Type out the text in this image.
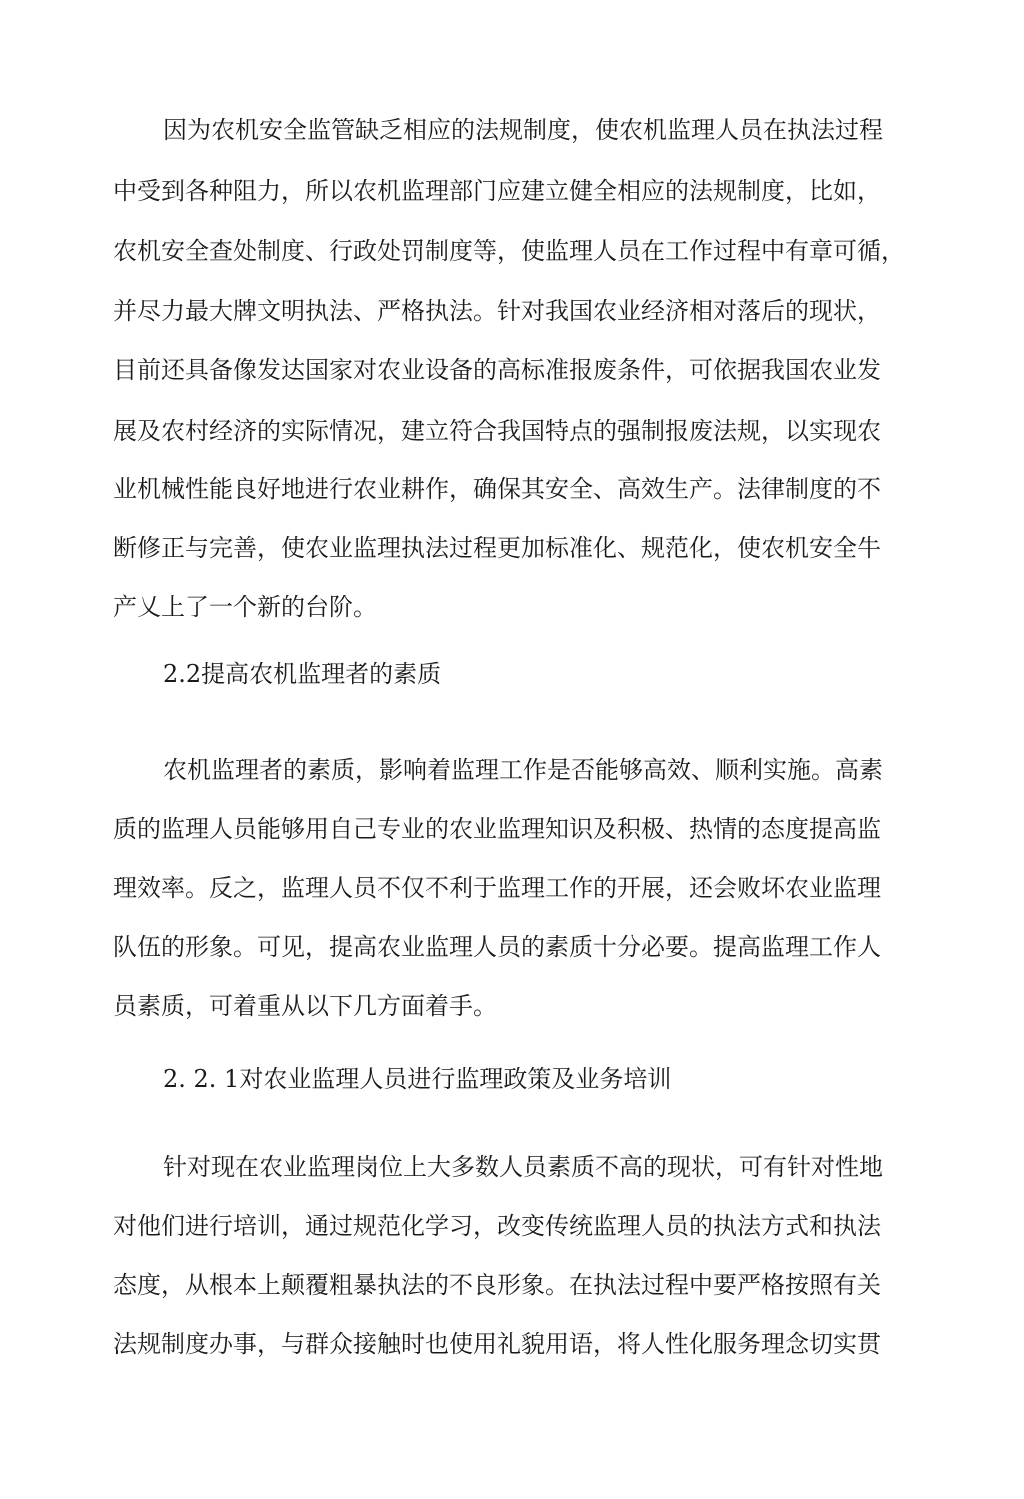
因为农机安全监管缺乏相应的法规制度，使农机监理人员在执法过程
中受到各种阻力，所以农机监理部门应建立健全相应的法规制度，比如，
农机安全查处制度、行政处罚制度等，使监理人员在工作过程中有章可循，
并尽力最大牌文明执法、严格执法。针对我国农业经济相对落后的现状，
目前还具备像发达国家对农业设备的高标准报废条件，可依据我国农业发
展及农村经济的实际情况，建立符合我国特点的强制报废法规，以实现农
业机械性能良好地进行农业耕作，确保其安全、高效生产。法律制度的不
断修正与完善，使农业监理执法过程更加标准化、规范化，使农机安全牛
产乂上了一个新的台阶。
2.2提高农机监理者的素质
农机监理者的素质，影响着监理工作是否能够高效、顺利实施。高素
质的监理人员能够用自己专业的农业监理知识及积极、热情的态度提高监
理效率。反之，监理人员不仅不利于监理工作的开展，还会败坏农业监理
队伍的形象。可见，提高农业监理人员的素质十分必要。提高监理工作人
员素质，可着重从以下几方面着手。
2. 2. 1对农业监理人员进行监理政策及业务培训
针对现在农业监理岗位上大多数人员素质不高的现状，可有针对性地
对他们进行培训，通过规范化学习，改变传统监理人员的执法方式和执法
态度，从根本上颠覆粗暴执法的不良形象。在执法过程中要严格按照有关
法规制度办事，与群众接触时也使用礼貌用语，将人性化服务理念切实贯
